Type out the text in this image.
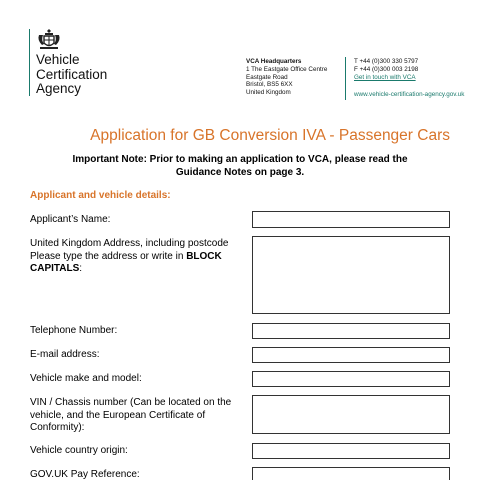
Vehicle
Certification
Agency
VCA Headquarters
1 The Eastgate Office Centre
Eastgate Road
Bristol, BS5 6XX
United Kingdom
T +44 (0)300 330 5797
F +44 (0)300 003 2198
Get in touch with VCA
www.vehicle-certification-agency.gov.uk
Application for GB Conversion IVA - Passenger Cars
Important Note: Prior to making an application to VCA, please read the
Guidance Notes on page 3.
Applicant and vehicle details:
Applicant’s Name:
United Kingdom Address, including postcode
Please type the address or write in BLOCK CAPITALS:
Telephone Number:
E-mail address:
Vehicle make and model:
VIN / Chassis number (Can be located on the vehicle, and the European Certificate of Conformity):
Vehicle country origin:
GOV.UK Pay Reference:
